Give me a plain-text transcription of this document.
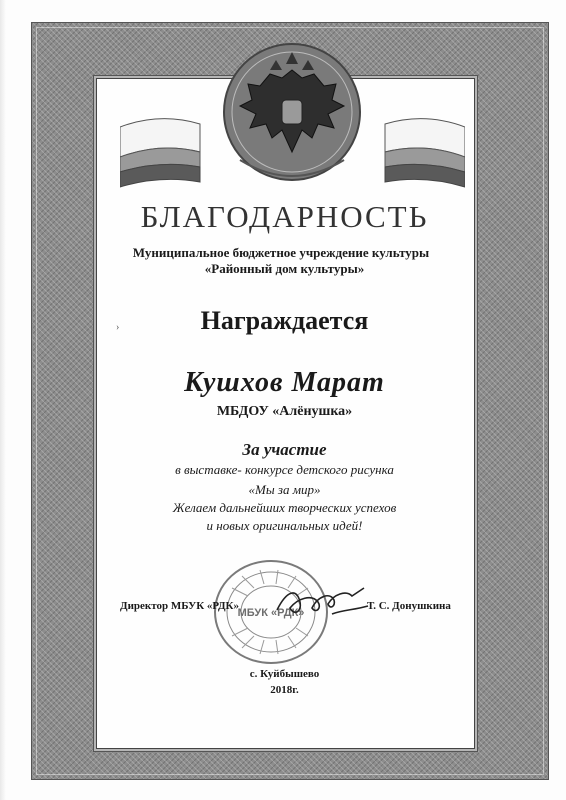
БЛАГОДАРНОСТЬ

Муниципальное бюджетное учреждение культуры

«Районный дом культуры»

›	Награждается

Кушхов Марат

МБДОУ «Алёнушка»

За участие

в выставке- конкурсе детского рисунка

«Мы за мир»

Желаем дальнейших творческих успехов

и новых оригинальных идей!

МБУК «РДК»

Директор МБУК «РДК»	Т. С. Донушкина

с. Куйбышево

2018г.
